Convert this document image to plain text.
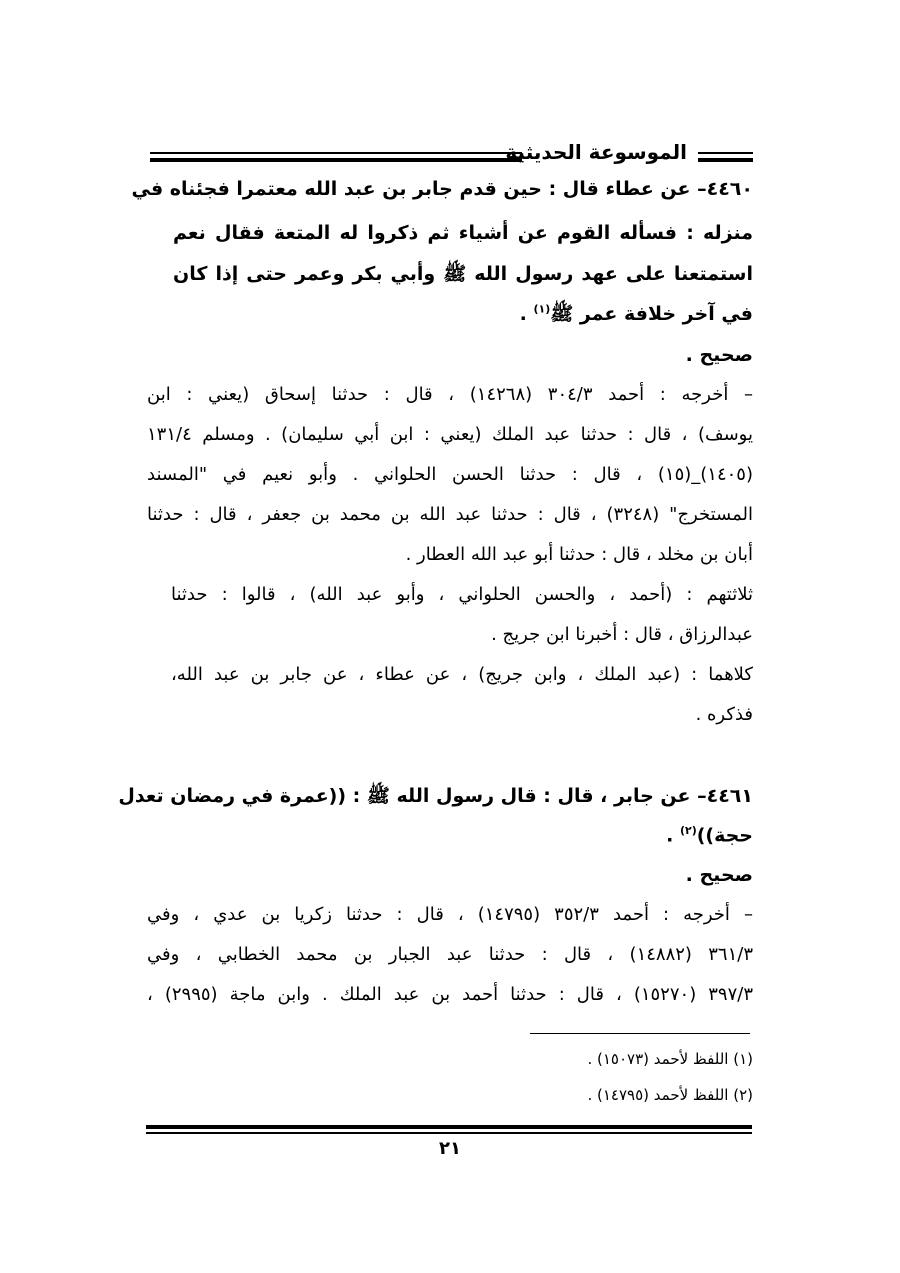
الموسوعة الحديثية
٤٤٦٠– عن عطاء قال : حين قدم جابر بن عبد الله معتمرا فجئناه في
منزله : فسأله القوم عن أشياء ثم ذكروا له المتعة فقال نعم
استمتعنا على عهد رسول الله ﷺ وأبي بكر وعمر حتى إذا كان
في آخر خلافة عمر ﷺ$^{(١)}$ .
صحيح .
– أخرجه : أحمد ٣٠٤/٣ (١٤٢٦٨) ، قال : حدثنا إسحاق (يعني : ابن
يوسف) ، قال : حدثنا عبد الملك (يعني : ابن أبي سليمان) . ومسلم ١٣١/٤
(١٤٠٥)_(١٥) ، قال : حدثنا الحسن الحلواني . وأبو نعيم في "المسند
المستخرج" (٣٢٤٨) ، قال : حدثنا عبد الله بن محمد بن جعفر ، قال : حدثنا
أبان بن مخلد ، قال : حدثنا أبو عبد الله العطار .
ثلاثتهم : (أحمد ، والحسن الحلواني ، وأبو عبد الله) ، قالوا : حدثنا
عبدالرزاق ، قال : أخبرنا ابن جريج .
كلاهما : (عبد الملك ، وابن جريج) ، عن عطاء ، عن جابر بن عبد الله،
فذكره .
٤٤٦١– عن جابر ، قال : قال رسول الله ﷺ : ((عمرة في رمضان تعدل
حجة))$^{(٢)}$ .
صحيح .
– أخرجه : أحمد ٣٥٢/٣ (١٤٧٩٥) ، قال : حدثنا زكريا بن عدي ، وفي
٣٦١/٣ (١٤٨٨٢) ، قال : حدثنا عبد الجبار بن محمد الخطابي ، وفي
٣٩٧/٣ (١٥٢٧٠) ، قال : حدثنا أحمد بن عبد الملك . وابن ماجة (٢٩٩٥) ،
(١) اللفظ لأحمد (١٥٠٧٣) .
(٢) اللفظ لأحمد (١٤٧٩٥) .
٢١
